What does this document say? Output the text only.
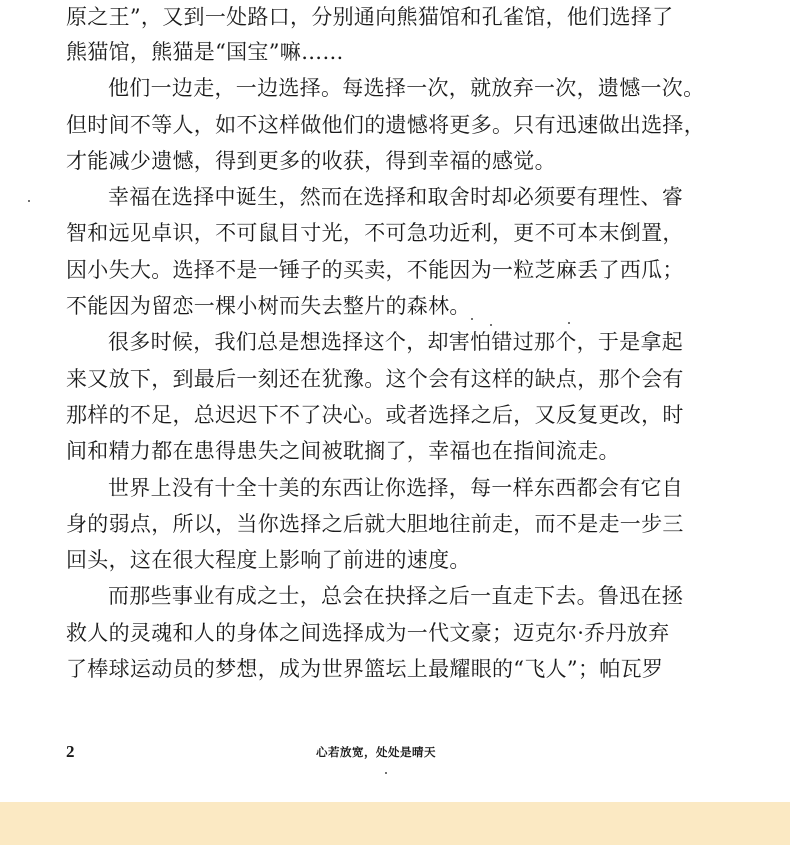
原之王”，又到一处路口，分别通向熊猫馆和孔雀馆，他们选择了
熊猫馆，熊猫是“国宝”嘛……
他们一边走，一边选择。每选择一次，就放弃一次，遗憾一次。
但时间不等人，如不这样做他们的遗憾将更多。只有迅速做出选择，
才能减少遗憾，得到更多的收获，得到幸福的感觉。
幸福在选择中诞生，然而在选择和取舍时却必须要有理性、睿
智和远见卓识，不可鼠目寸光，不可急功近利，更不可本末倒置，
因小失大。选择不是一锤子的买卖，不能因为一粒芝麻丢了西瓜；
不能因为留恋一棵小树而失去整片的森林。
很多时候，我们总是想选择这个，却害怕错过那个，于是拿起
来又放下，到最后一刻还在犹豫。这个会有这样的缺点，那个会有
那样的不足，总迟迟下不了决心。或者选择之后，又反复更改，时
间和精力都在患得患失之间被耽搁了，幸福也在指间流走。
世界上没有十全十美的东西让你选择，每一样东西都会有它自
身的弱点，所以，当你选择之后就大胆地往前走，而不是走一步三
回头，这在很大程度上影响了前进的速度。
而那些事业有成之士，总会在抉择之后一直走下去。鲁迅在拯
救人的灵魂和人的身体之间选择成为一代文豪；迈克尔·乔丹放弃
了棒球运动员的梦想，成为世界篮坛上最耀眼的“飞人”；帕瓦罗
2	心若放宽，处处是晴天
